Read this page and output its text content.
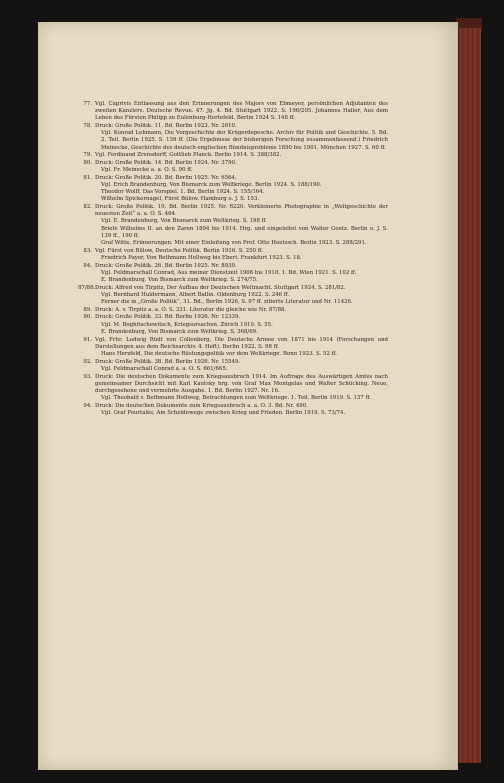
77. Vgl. Caprivis Entlassung aus den Erinnerungen des Majors von Ebmeyer, persönlichen Adjutanten des zweiten Kanzlers. Deutsche Revue. 47. Jg. 4. Bd. Stuttgart 1922. S. 196/205. Johannes Haller, Aus dem Leben des Fürsten Philipp zu Eulenburg-Hertefeld. Berlin 1924 S. 148 ff.
78. Druck: Große Politik. 11. Bd. Berlin 1923. Nr. 2610.
Vgl. Konrad Lehmann, Die Vorgeschichte der Krügerdepesche. Archiv für Politik und Geschichte. 5. Bd. 2. Teil. Berlin 1925. S. 159 ff. (Die Ergebnisse der bisherigen Forschung zusammenfassend.) Friedrich Meinecke, Geschichte des deutsch-englischen Bündnisproblems 1890 bis 1901. München 1927. S. 60 ff.
79. Vgl. Ferdinand Zrensdorff, Gottlieb Planck. Berlin 1914. S. 388/382.
80. Druck: Große Politik. 14. Bd. Berlin 1924. Nr. 3790.
Vgl. Fr. Meinecke a. a. O. S. 90 ff.
81. Druck: Große Politik. 20. Bd. Berlin 1925. Nr. 6564.
Vgl. Erich Brandenburg, Von Bismarck zum Weltkriege. Berlin 1924. S. 188/190.
Theodor Wolff, Das Vorspiel. 1. Bd. Berlin 1924. S. 155/164.
Wilhelm Spickernagel, Fürst Bülow. Hamburg o. J. S. 153.
82. Druck: Große Politik. 19. Bd. Berlin 1925. Nr. 6220. Verkleinerte Photographie in „Weltgeschichte der neuesten Zeit“ a. a. O. S. 464.
Vgl. E. Brandenburg, Von Bismarck zum Weltkrieg. S. 198 ff.
Briefe Wilhelms II. an den Zaren 1894 bis 1914. Hrg. und eingeleitet von Walter Goetz. Berlin o. J. S. 139 ff., 190 ff.
Graf Witte, Erinnerungen. Mit einer Einleitung von Prof. Otto Hoetzsch. Berlin 1923. S. 288/291.
83. Vgl. Fürst von Bülow, Deutsche Politik. Berlin 1916. S. 250 ff.
Friedrich Payer, Von Bethmann Hollweg bis Ebert. Frankfurt 1923. S. 18.
84. Druck: Große Politik. 26. Bd. Berlin 1925. Nr. 8939.
Vgl. Feldmarschall Conrad, Aus meiner Dienstzeit 1906 bis 1918. 1. Bd. Wien 1921. S. 102 ff.
E. Brandenburg, Von Bismarck zum Weltkrieg. S. 274/75.
87/88. Druck: Alfred von Tirpitz, Der Aufbau der Deutschen Weltmacht. Stuttgart 1924. S. 281/82.
Vgl. Bernhard Huldermann, Albert Ballin. Oldenburg 1922. S. 246 ff.
Ferner die in „Große Politik“, 31. Bd., Berlin 1926, S. 97 ff. zitierte Literatur und Nr. 11426.
89. Druck: A. v. Tirpitz a. a. O. S. 331. Literatur die gleiche wie Nr. 87/88.
90. Druck: Große Politik. 33. Bd. Berlin 1926. Nr. 12339.
Vgl. M. Boghitschewitsch, Kriegsursachen. Zürich 1919. S. 55.
E. Brandenburg, Von Bismarck zum Weltkrieg. S. 368/69.
91. Vgl. Frhr. Ludwig Rüdt von Collenberg, Die Deutsche Armee von 1871 bis 1914 (Forschungen und Darstellungen aus dem Reichsarchiv. 4. Heft). Berlin 1922. S. 98 ff.
Hans Herzfeld, Die deutsche Rüstungspolitik vor dem Weltkriege. Bonn 1923. S. 52 ff.
92. Druck: Große Politik. 38. Bd. Berlin 1926. Nr. 15549.
Vgl. Feldmarschall Conrad a. a. O. S. 661/665.
93. Druck: Die deutschen Dokumente zum Kriegsausbruch 1914. Im Auftrage des Auswärtigen Amtes nach gemeinsamer Durchsicht mit Karl Kautsky hrg. von Graf Max Montgelas und Walter Schücking. Neue, durchgesehene und vermehrte Ausgabe. 1. Bd. Berlin 1927. Nr. 16.
Vgl. Theobald v. Bethmann Hollweg, Betrachtungen zum Weltkriege. 1. Teil. Berlin 1919. S. 137 ff.
94. Druck: Die deutschen Dokumente zum Kriegsausbruch a. a. O. 3. Bd. Nr. 490.
Vgl. Graf Pourtalès, Am Scheidewege zwischen Krieg und Frieden. Berlin 1919. S. 73/74.
